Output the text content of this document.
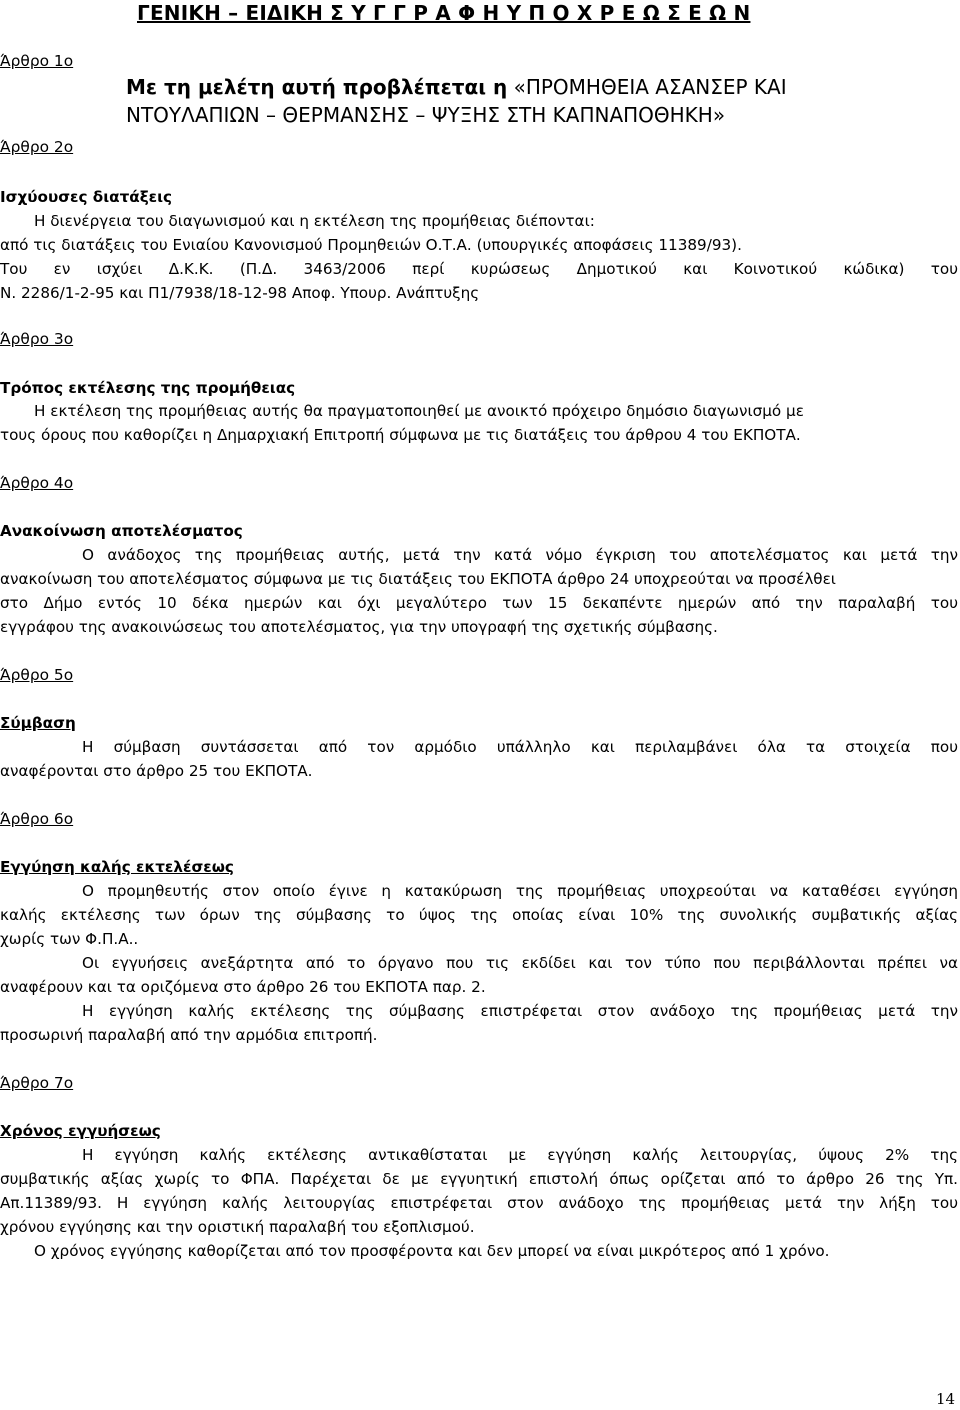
ΓΕΝΙΚΗ – ΕΙΔΙΚΗ Σ Υ Γ Γ Ρ Α Φ Η Υ Π Ο Χ Ρ Ε Ω Σ Ε Ω Ν
Άρθρο 1ο
Με τη μελέτη αυτή προβλέπεται η «ΠΡΟΜΗΘΕΙΑ ΑΣΑΝΣΕΡ ΚΑΙ
ΝΤΟΥΛΑΠΙΩΝ – ΘΕΡΜΑΝΣΗΣ – ΨΥΞΗΣ ΣΤΗ ΚΑΠΝΑΠΟΘΗΚΗ»
Άρθρο 2ο
Ισχύουσες διατάξεις
Η διενέργεια του διαγωνισμού και η εκτέλεση της προμήθειας διέπονται:
από τις διατάξεις του Ενιαίου Κανονισμού Προμηθειών Ο.Τ.Α. (υπουργικές αποφάσεις 11389/93).
Του εν ισχύει Δ.Κ.Κ. (Π.Δ. 3463/2006 περί κυρώσεως Δημοτικού και Κοινοτικού κώδικα) του
Ν. 2286/1-2-95 και Π1/7938/18-12-98 Αποφ. Υπουρ. Ανάπτυξης
Άρθρο 3ο
Τρόπος εκτέλεσης της προμήθειας
Η εκτέλεση της προμήθειας αυτής θα πραγματοποιηθεί με ανοικτό πρόχειρο δημόσιο διαγωνισμό με
τους όρους που καθορίζει η Δημαρχιακή Επιτροπή σύμφωνα με τις διατάξεις του άρθρου 4 του ΕΚΠΟΤΑ.
Άρθρο 4ο
Ανακοίνωση αποτελέσματος
Ο ανάδοχος της προμήθειας αυτής, μετά την κατά νόμο έγκριση του αποτελέσματος και μετά την
ανακοίνωση του αποτελέσματος σύμφωνα με τις διατάξεις του ΕΚΠΟΤΑ άρθρο 24 υποχρεούται να προσέλθει
στο Δήμο εντός 10 δέκα ημερών και όχι μεγαλύτερο των 15 δεκαπέντε ημερών από την παραλαβή του
εγγράφου της ανακοινώσεως του αποτελέσματος, για την υπογραφή της σχετικής σύμβασης.
Άρθρο 5ο
Σύμβαση
Η σύμβαση συντάσσεται από τον αρμόδιο υπάλληλο και περιλαμβάνει όλα τα στοιχεία που
αναφέρονται στο άρθρο 25 του ΕΚΠΟΤΑ.
Άρθρο 6ο
Εγγύηση καλής εκτελέσεως
Ο προμηθευτής στον οποίο έγινε η κατακύρωση της προμήθειας υποχρεούται να καταθέσει εγγύηση
καλής εκτέλεσης των όρων της σύμβασης το ύψος της οποίας είναι 10% της συνολικής συμβατικής αξίας
χωρίς των Φ.Π.Α..
Οι εγγυήσεις ανεξάρτητα από το όργανο που τις εκδίδει και τον τύπο που περιβάλλονται πρέπει να
αναφέρουν και τα οριζόμενα στο άρθρο 26 του ΕΚΠΟΤΑ παρ. 2.
Η εγγύηση καλής εκτέλεσης της σύμβασης επιστρέφεται στον ανάδοχο της προμήθειας μετά την
προσωρινή παραλαβή από την αρμόδια επιτροπή.
Άρθρο 7ο
Χρόνος εγγυήσεως
Η εγγύηση καλής εκτέλεσης αντικαθίσταται με εγγύηση καλής λειτουργίας, ύψους 2% της
συμβατικής αξίας χωρίς το ΦΠΑ. Παρέχεται δε με εγγυητική επιστολή όπως ορίζεται από το άρθρο 26 της Υπ.
Απ.11389/93. Η εγγύηση καλής λειτουργίας επιστρέφεται στον ανάδοχο της προμήθειας μετά την λήξη του
χρόνου εγγύησης και την οριστική παραλαβή του εξοπλισμού.
Ο χρόνος εγγύησης καθορίζεται από τον προσφέροντα και δεν μπορεί να είναι μικρότερος από 1 χρόνο.
14
